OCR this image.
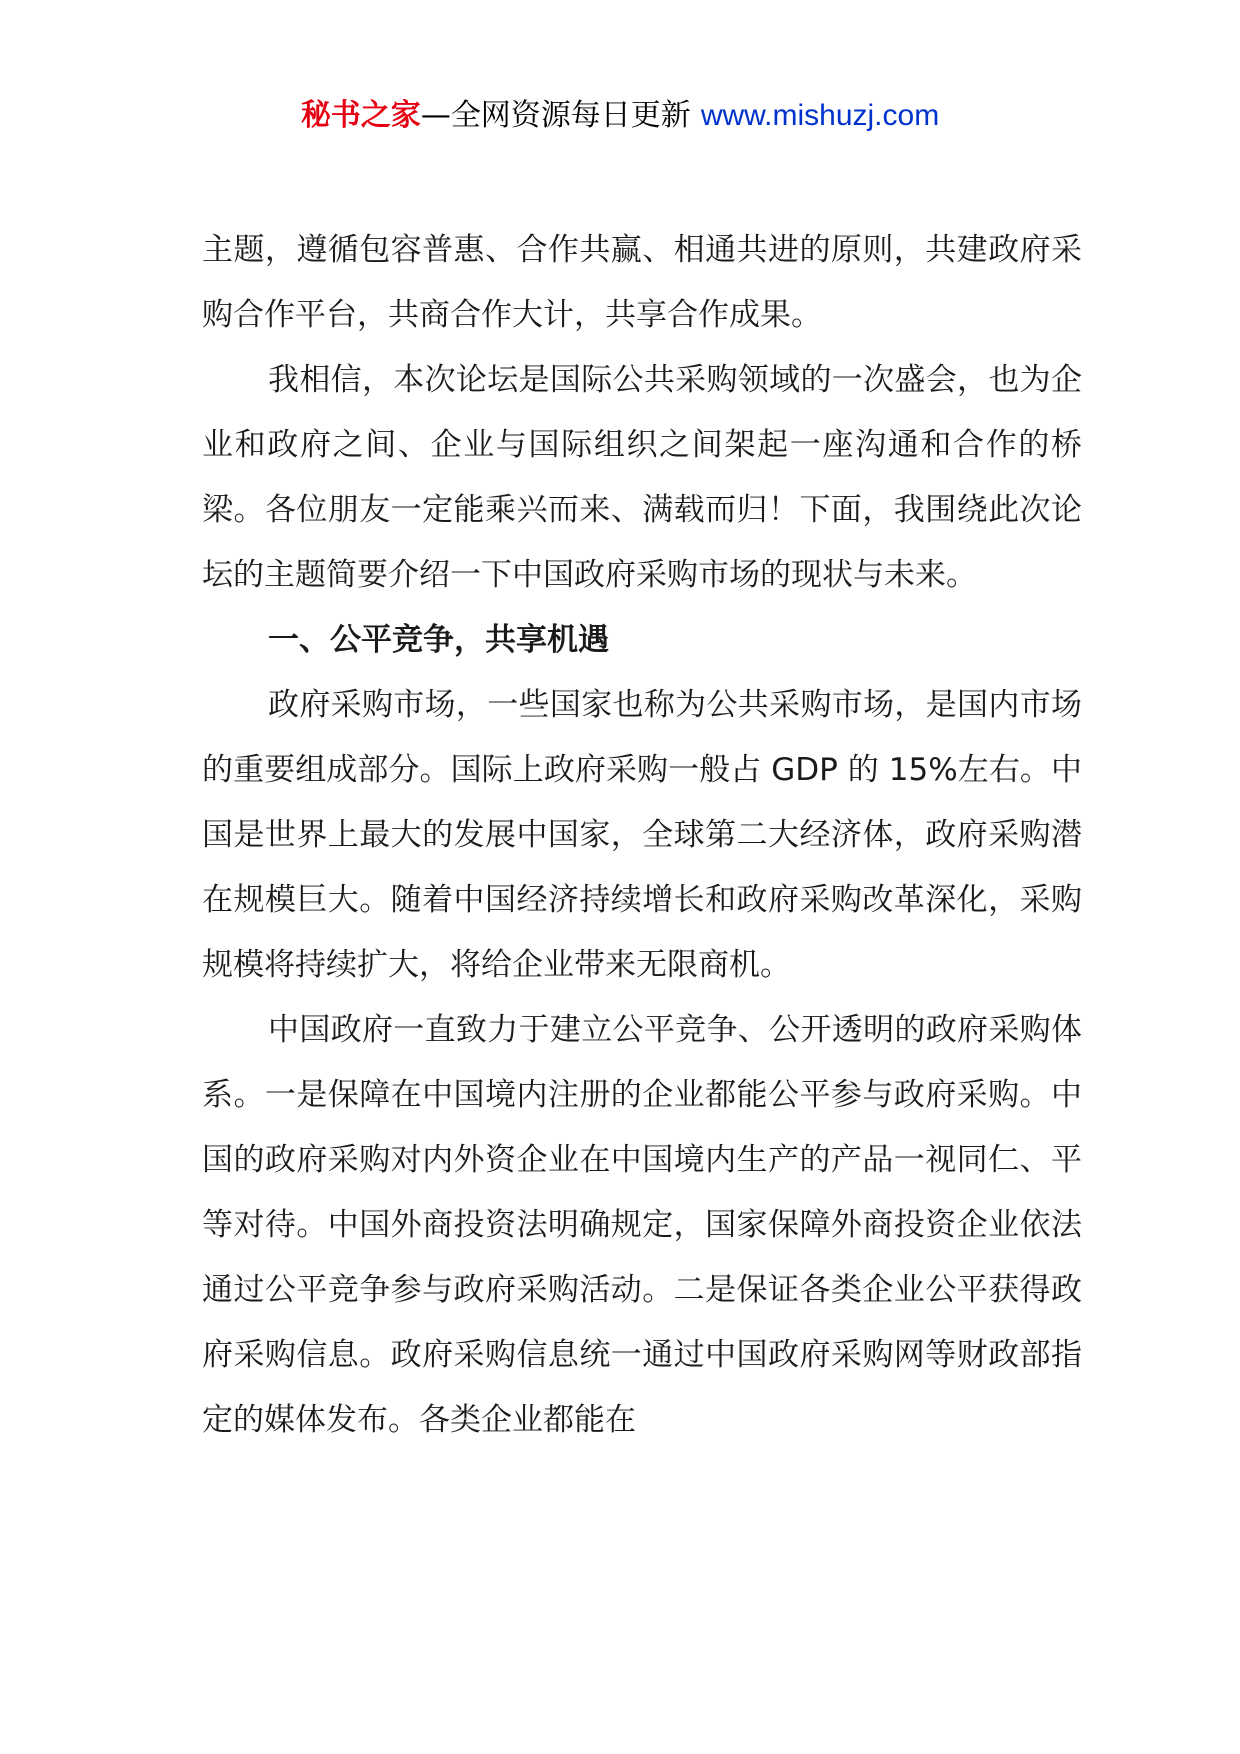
秘书之家—全网资源每日更新 www.mishuzj.com

主题，遵循包容普惠、合作共赢、相通共进的原则，共建政府采购合作平台，共商合作大计，共享合作成果。

我相信，本次论坛是国际公共采购领域的一次盛会，也为企业和政府之间、企业与国际组织之间架起一座沟通和合作的桥梁。各位朋友一定能乘兴而来、满载而归！下面，我围绕此次论坛的主题简要介绍一下中国政府采购市场的现状与未来。

一、公平竞争，共享机遇

政府采购市场，一些国家也称为公共采购市场，是国内市场的重要组成部分。国际上政府采购一般占 GDP 的 15%左右。中国是世界上最大的发展中国家，全球第二大经济体，政府采购潜在规模巨大。随着中国经济持续增长和政府采购改革深化，采购规模将持续扩大，将给企业带来无限商机。

中国政府一直致力于建立公平竞争、公开透明的政府采购体系。一是保障在中国境内注册的企业都能公平参与政府采购。中国的政府采购对内外资企业在中国境内生产的产品一视同仁、平等对待。中国外商投资法明确规定，国家保障外商投资企业依法通过公平竞争参与政府采购活动。二是保证各类企业公平获得政府采购信息。政府采购信息统一通过中国政府采购网等财政部指定的媒体发布。各类企业都能在
